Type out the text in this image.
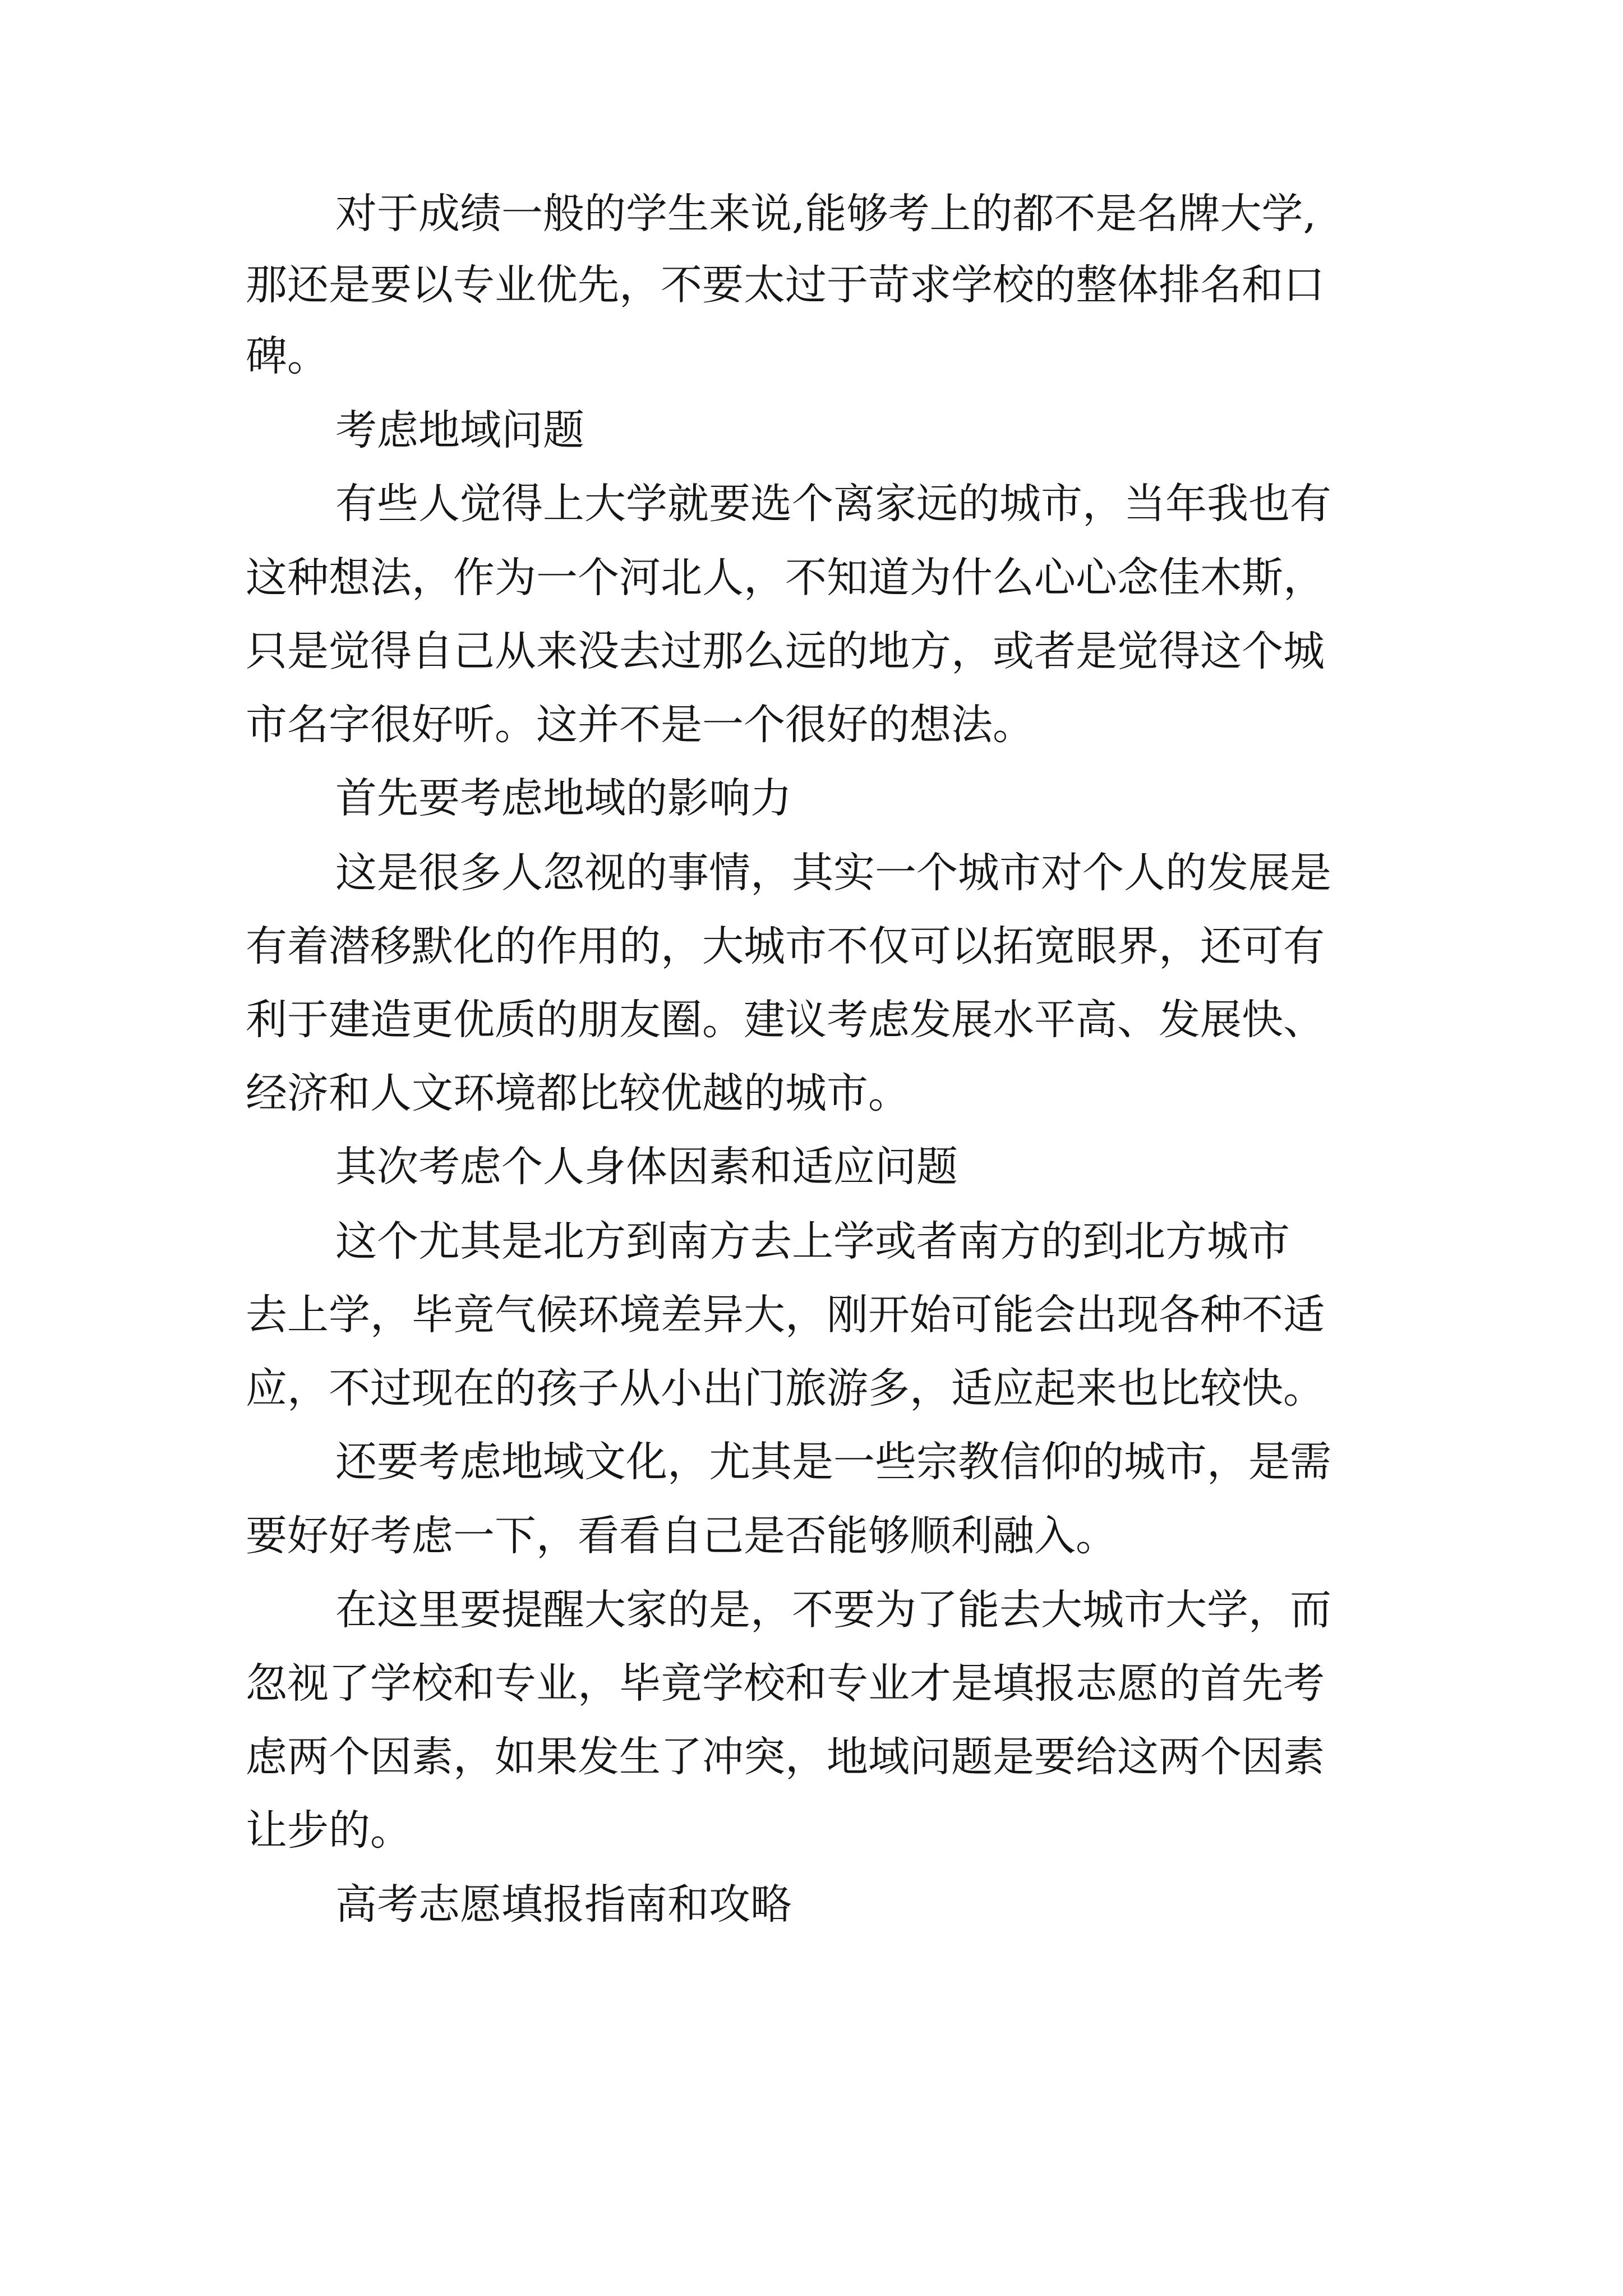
对于成绩一般的学生来说,能够考上的都不是名牌大学,

那还是要以专业优先，不要太过于苛求学校的整体排名和口

碑。

考虑地域问题

有些人觉得上大学就要选个离家远的城市，当年我也有

这种想法，作为一个河北人，不知道为什么心心念佳木斯，

只是觉得自己从来没去过那么远的地方，或者是觉得这个城

市名字很好听。这并不是一个很好的想法。

首先要考虑地域的影响力

这是很多人忽视的事情，其实一个城市对个人的发展是

有着潜移默化的作用的，大城市不仅可以拓宽眼界，还可有

利于建造更优质的朋友圈。建议考虑发展水平高、发展快、

经济和人文环境都比较优越的城市。

其次考虑个人身体因素和适应问题

这个尤其是北方到南方去上学或者南方的到北方城市

去上学，毕竟气候环境差异大，刚开始可能会出现各种不适

应，不过现在的孩子从小出门旅游多，适应起来也比较快。

还要考虑地域文化，尤其是一些宗教信仰的城市，是需

要好好考虑一下，看看自己是否能够顺利融入。

在这里要提醒大家的是，不要为了能去大城市大学，而

忽视了学校和专业，毕竟学校和专业才是填报志愿的首先考

虑两个因素，如果发生了冲突，地域问题是要给这两个因素

让步的。

高考志愿填报指南和攻略
